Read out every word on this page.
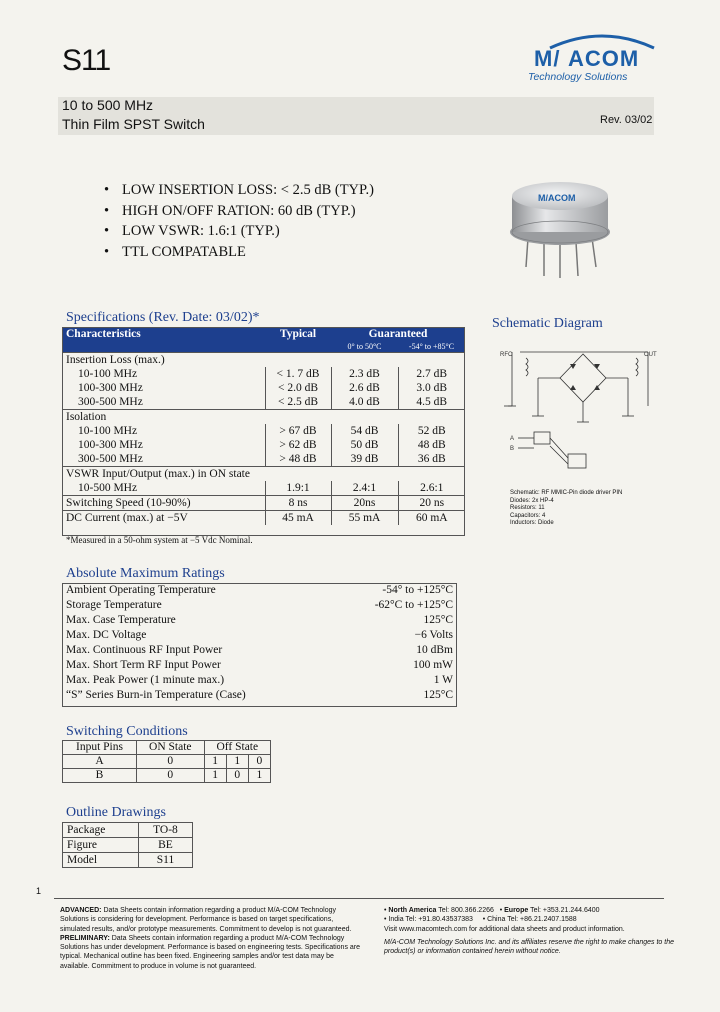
S11	M/ ACOM
Technology Solutions
10 to 500 MHz
Thin Film SPST Switch	Rev. 03/02
• LOW INSERTION LOSS: < 2.5 dB (TYP.)
• HIGH ON/OFF RATION: 60 dB (TYP.)
• LOW VSWR: 1.6:1 (TYP.)
• TTL COMPATABLE
M/ACOM
Specifications (Rev. Date: 03/02)*
Characteristics	Typical	Guaranteed	
		0° to 50°C	-54° to +85°C
Insertion Loss (max.)			
10-100 MHz	< 1. 7 dB	2.3 dB	2.7 dB
100-300 MHz	< 2.0 dB	2.6 dB	3.0 dB
300-500 MHz	< 2.5 dB	4.0 dB	4.5 dB
Isolation			
10-100 MHz	> 67 dB	54 dB	52 dB
100-300 MHz	> 62 dB	50 dB	48 dB
300-500 MHz	> 48 dB	39 dB	36 dB
VSWR Input/Output (max.) in ON state			
10-500 MHz	1.9:1	2.4:1	2.6:1
Switching Speed (10-90%)	8 ns	20ns	20 ns
DC Current (max.) at −5V	45 mA	55 mA	60 mA
*Measured in a 50-ohm system at −5 Vdc Nominal.
Schematic Diagram
RFC	OUT
A
B
Schematic: RF MMIC-Pin diode driver PIN
Diodes: 2x HP-4
Resistors: 11
Capacitors: 4
Inductors: Diode
Absolute Maximum Ratings
Ambient Operating Temperature	-54° to +125°C
Storage Temperature	-62°C to +125°C
Max. Case Temperature	125°C
Max. DC Voltage	−6 Volts
Max. Continuous RF Input Power	10 dBm
Max. Short Term RF Input Power	100 mW
Max. Peak Power (1 minute max.)	1 W
“S” Series Burn-in Temperature (Case)	125°C
Switching Conditions
Input Pins	ON State	Off State		
A	0	1	1	0
B	0	1	0	1
Outline Drawings
Package	TO-8
Figure	BE
Model	S11
1
ADVANCED: Data Sheets contain information regarding a product M/A-COM Technology Solutions is considering for development. Performance is based on target specifications, simulated results, and/or prototype measurements. Commitment to develop is not guaranteed.
PRELIMINARY: Data Sheets contain information regarding a product M/A-COM Technology Solutions has under development. Performance is based on engineering tests. Specifications are typical. Mechanical outline has been fixed. Engineering samples and/or test data may be available. Commitment to produce in volume is not guaranteed.
• North America Tel: 800.366.2266   • Europe Tel: +353.21.244.6400
• India Tel: +91.80.43537383     • China Tel: +86.21.2407.1588
Visit www.macomtech.com for additional data sheets and product information.
M/A-COM Technology Solutions Inc. and its affiliates reserve the right to make changes to the product(s) or information contained herein without notice.
